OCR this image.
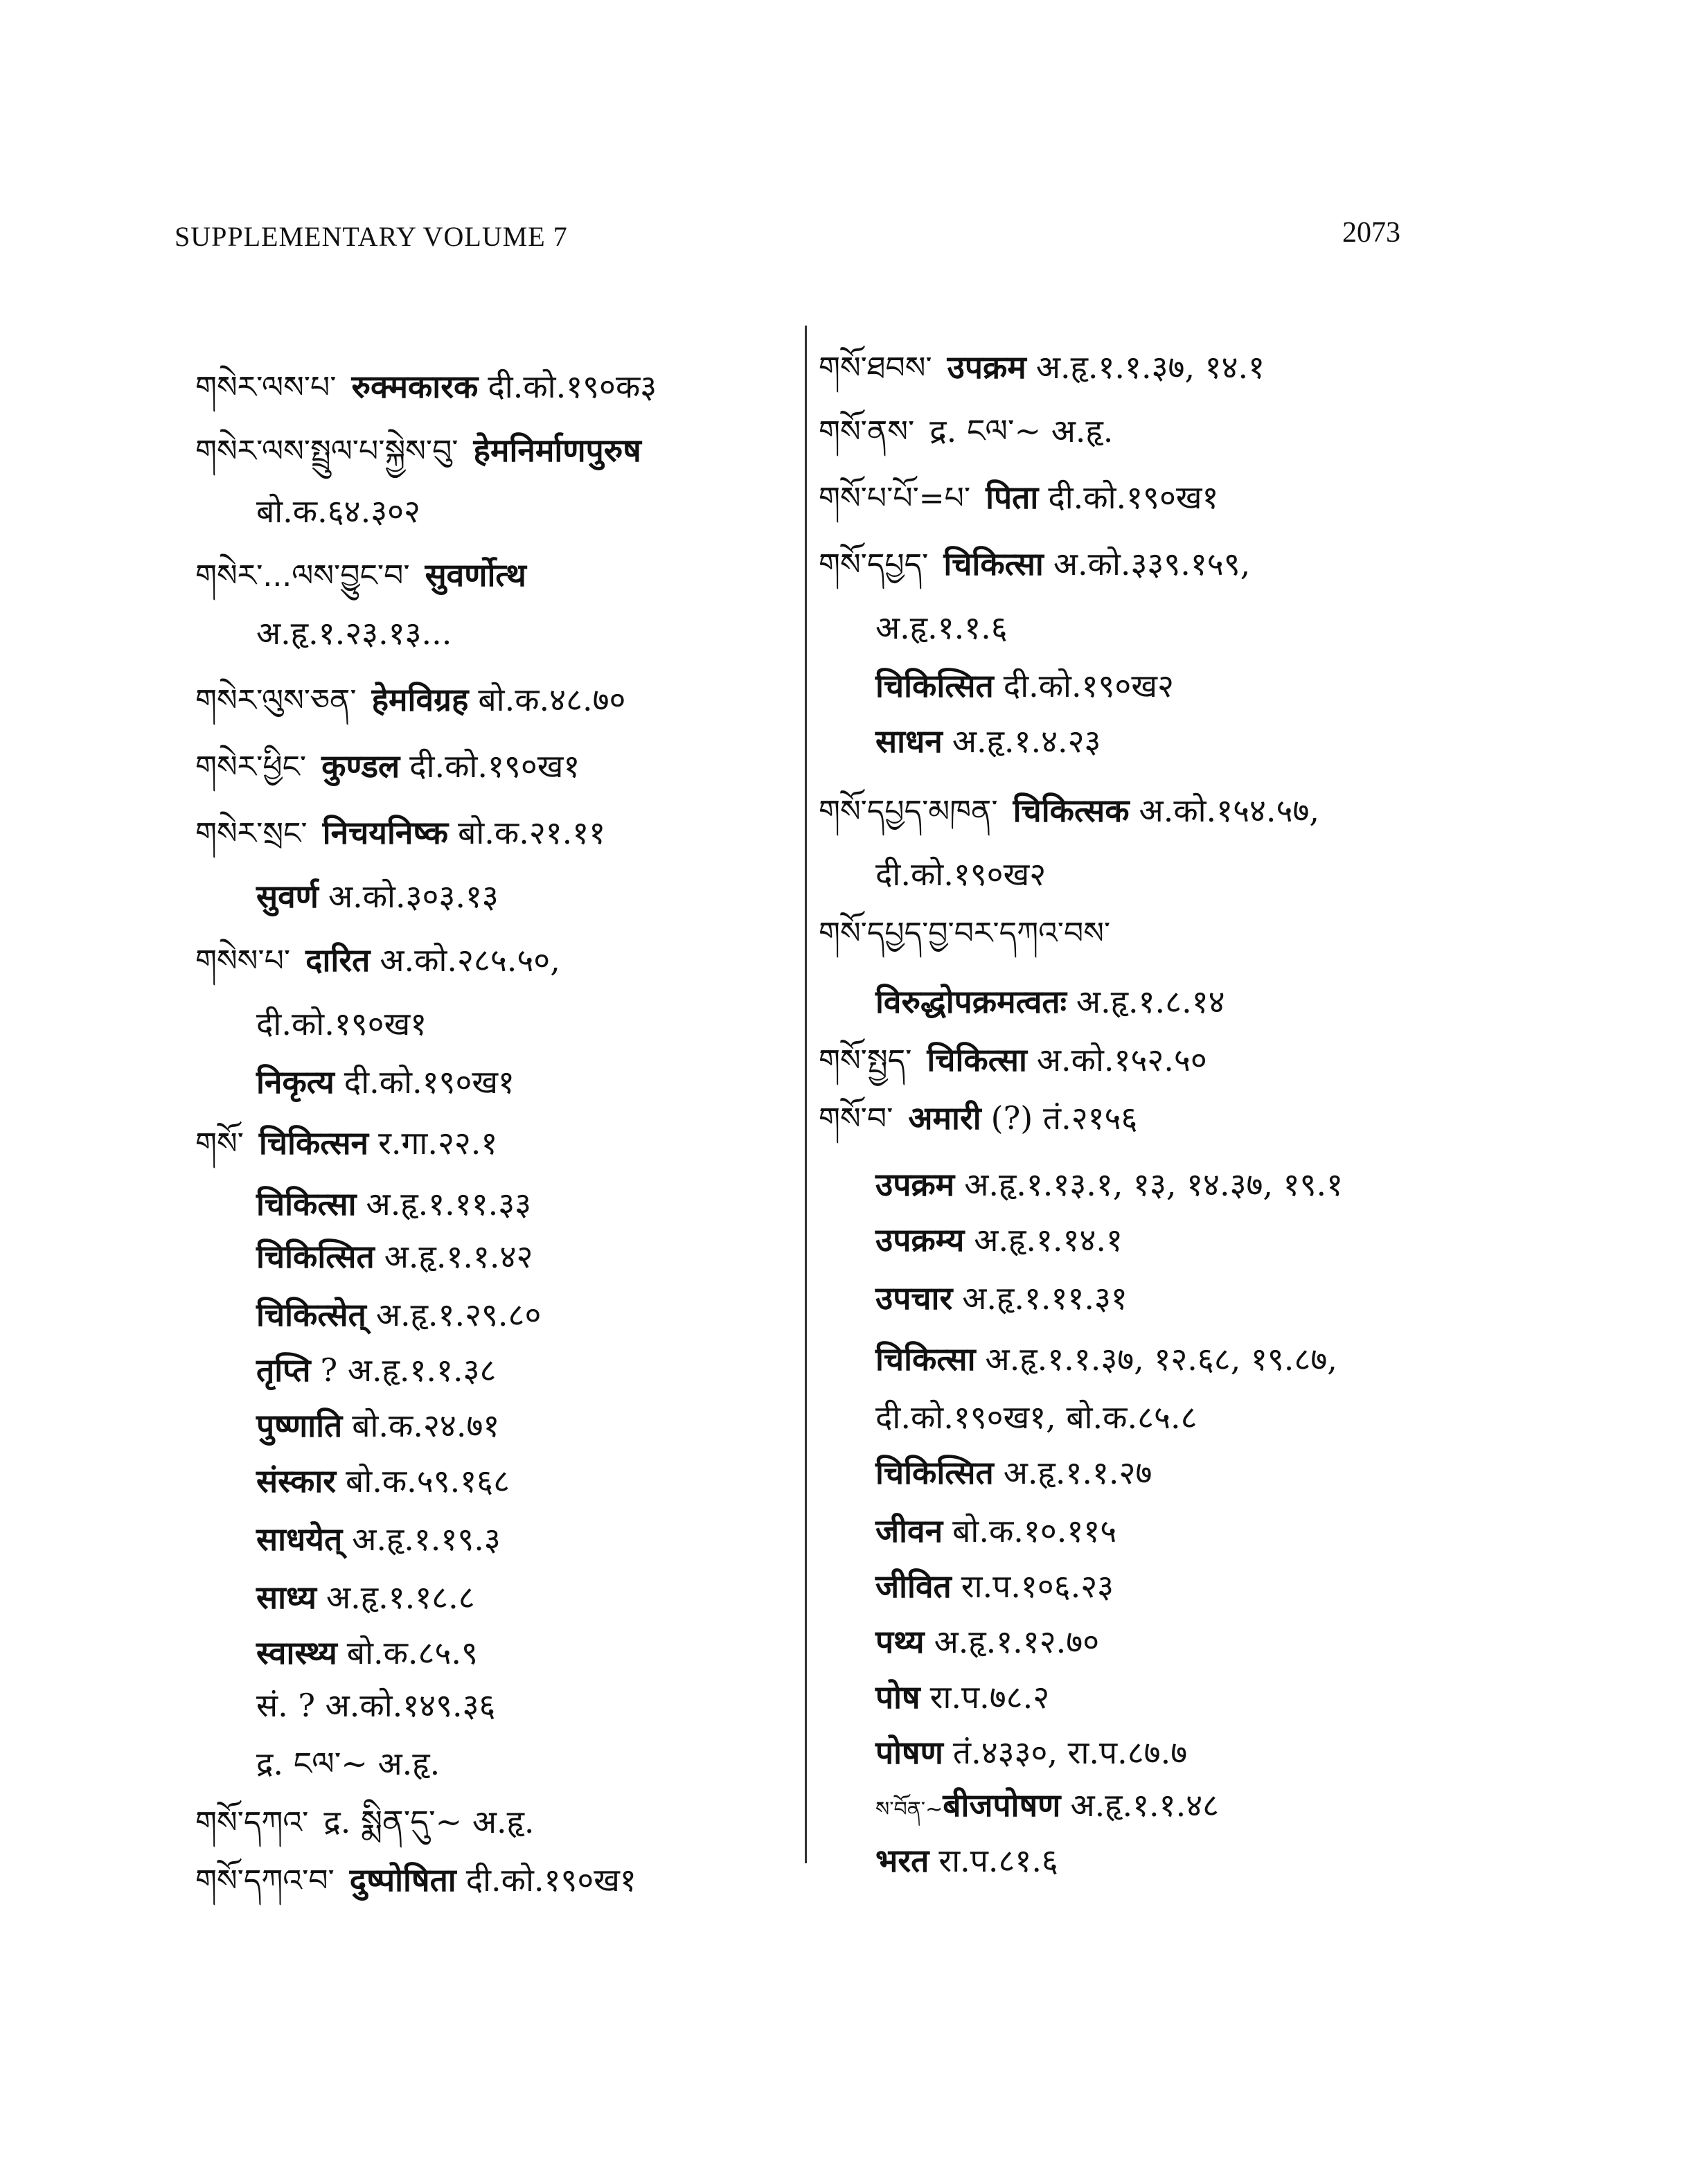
SUPPLEMENTARY VOLUME 7	2073
གསེར་ལས་པ་ रुक्मकारक दी.को.१९०क३
གསེར་ལས་སྤྲུལ་པ་སྐྱེས་བུ་ हेमनिर्माणपुरुष
बो.क.६४.३०२
གསེར་...ལས་བྱུང་བ་ सुवर्णोत्थ
अ.हृ.१.२३.१३...
གསེར་ལུས་ཅན་ हेमविग्रह बो.क.४८.७०
གསེར་ཕྱིང་ कुण्डल दी.को.१९०ख१
གསེར་སྲང་ निचयनिष्क बो.क.२१.११
सुवर्ण अ.को.३०३.१३
གསེས་པ་ दारित अ.को.२८५.५०,
दी.को.१९०ख१
निकृत्य दी.को.१९०ख१
གསོ་ चिकित्सन र.गा.२२.१
चिकित्सा अ.हृ.१.११.३३
चिकित्सित अ.हृ.१.१.४२
चिकित्सेत् अ.हृ.१.२९.८०
तृप्ति ? अ.हृ.१.१.३८
पुष्णाति बो.क.२४.७१
संस्कार बो.क.५९.१६८
साधयेत् अ.हृ.१.१९.३
साध्य अ.हृ.१.१८.८
स्वास्थ्य बो.क.८५.९
सं. ? अ.को.१४९.३६
द्र. ངལ་~ अ.हृ.
གསོ་དཀའ་ द्र. སྨིན་དུ་~ अ.हृ.
གསོ་དཀའ་བ་ दुष्पोषिता दी.को.१९०ख१
གསོ་ཐབས་ उपक्रम अ.हृ.१.१.३७, १४.१
གསོ་ནས་ द्र. ངལ་~ अ.हृ.
གསོ་པ་པོ་=པ་ पिता दी.को.१९०ख१
གསོ་དཔྱད་ चिकित्सा अ.को.३३९.१५९,
अ.हृ.१.१.६
चिकित्सित दी.को.१९०ख२
साधन अ.हृ.१.४.२३
གསོ་དཔྱད་མཁན་ चिकित्सक अ.को.१५४.५७,
दी.को.१९०ख२
གསོ་དཔྱད་བྱ་བར་དཀའ་བས་
विरुद्धोपक्रमत्वतः अ.हृ.१.८.१४
གསོ་སྤྱད་ चिकित्सा अ.को.१५२.५०
གསོ་བ་ अमारी (?) तं.२१५६
उपक्रम अ.हृ.१.१३.१, १३, १४.३७, १९.१
उपक्रम्य अ.हृ.१.१४.१
उपचार अ.हृ.१.११.३१
चिकित्सा अ.हृ.१.१.३७, १२.६८, १९.८७,
दी.को.१९०ख१, बो.क.८५.८
चिकित्सित अ.हृ.१.१.२७
जीवन बो.क.१०.११५
जीवित रा.प.१०६.२३
पथ्य अ.हृ.१.१२.७०
पोष रा.प.७८.२
पोषण तं.४३३०, रा.प.८७.७
ས་བོན་~बीजपोषण अ.हृ.१.१.४८
भरत रा.प.८१.६
